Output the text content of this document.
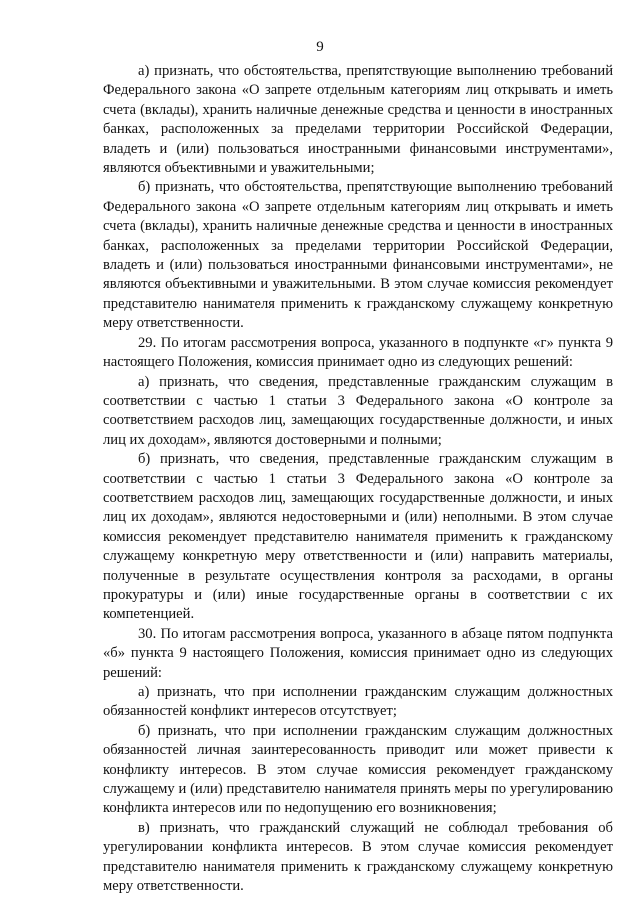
9

а) признать, что обстоятельства, препятствующие выполнению требований Федерального закона «О запрете отдельным категориям лиц открывать и иметь счета (вклады), хранить наличные денежные средства и ценности в иностранных банках, расположенных за пределами территории Российской Федерации, владеть и (или) пользоваться иностранными финансовыми инструментами», являются объективными и уважительными;

б) признать, что обстоятельства, препятствующие выполнению требований Федерального закона «О запрете отдельным категориям лиц открывать и иметь счета (вклады), хранить наличные денежные средства и ценности в иностранных банках, расположенных за пределами территории Российской Федерации, владеть и (или) пользоваться иностранными финансовыми инструментами», не являются объективными и уважительными. В этом случае комиссия рекомендует представителю нанимателя применить к гражданскому служащему конкретную меру ответственности.

29. По итогам рассмотрения вопроса, указанного в подпункте «г» пункта 9 настоящего Положения, комиссия принимает одно из следующих решений:

а) признать, что сведения, представленные гражданским служащим в соответствии с частью 1 статьи 3 Федерального закона «О контроле за соответствием расходов лиц, замещающих государственные должности, и иных лиц их доходам», являются достоверными и полными;

б) признать, что сведения, представленные гражданским служащим в соответствии с частью 1 статьи 3 Федерального закона «О контроле за соответствием расходов лиц, замещающих государственные должности, и иных лиц их доходам», являются недостоверными и (или) неполными. В этом случае комиссия рекомендует представителю нанимателя применить к гражданскому служащему конкретную меру ответственности и (или) направить материалы, полученные в результате осуществления контроля за расходами, в органы прокуратуры и (или) иные государственные органы в соответствии с их компетенцией.

30. По итогам рассмотрения вопроса, указанного в абзаце пятом подпункта «б» пункта 9 настоящего Положения, комиссия принимает одно из следующих решений:

а) признать, что при исполнении гражданским служащим должностных обязанностей конфликт интересов отсутствует;

б) признать, что при исполнении гражданским служащим должностных обязанностей личная заинтересованность приводит или может привести к конфликту интересов. В этом случае комиссия рекомендует гражданскому служащему и (или) представителю нанимателя принять меры по урегулированию конфликта интересов или по недопущению его возникновения;

в) признать, что гражданский служащий не соблюдал требования об урегулировании конфликта интересов. В этом случае комиссия рекомендует представителю нанимателя применить к гражданскому служащему конкретную меру ответственности.
